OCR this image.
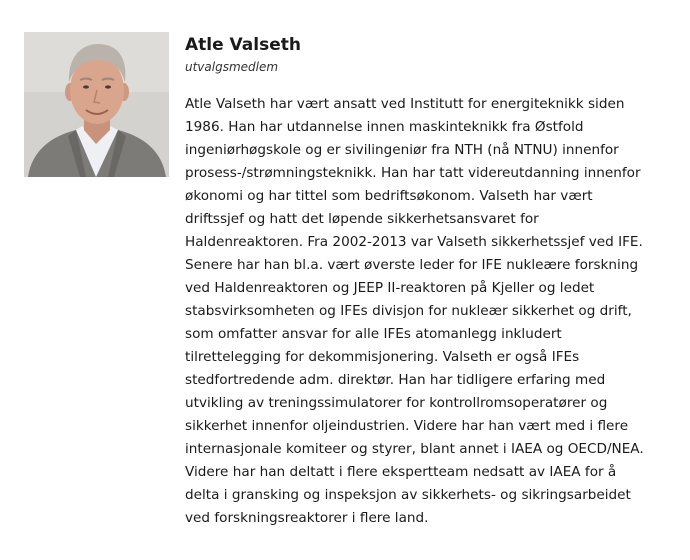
Atle Valseth

utvalgsmedlem

Atle Valseth har vært ansatt ved Institutt for energiteknikk siden
1986. Han har utdannelse innen maskinteknikk fra Østfold
ingeniørhøgskole og er sivilingeniør fra NTH (nå NTNU) innenfor
prosess-/strømningsteknikk. Han har tatt videreutdanning innenfor
økonomi og har tittel som bedriftsøkonom. Valseth har vært
driftssjef og hatt det løpende sikkerhetsansvaret for
Haldenreaktoren. Fra 2002-2013 var Valseth sikkerhetssjef ved IFE.
Senere har han bl.a. vært øverste leder for IFE nukleære forskning
ved Haldenreaktoren og JEEP II-reaktoren på Kjeller og ledet
stabsvirksomheten og IFEs divisjon for nukleær sikkerhet og drift,
som omfatter ansvar for alle IFEs atomanlegg inkludert
tilrettelegging for dekommisjonering. Valseth er også IFEs
stedfortredende adm. direktør. Han har tidligere erfaring med
utvikling av treningssimulatorer for kontrollromsoperatører og
sikkerhet innenfor oljeindustrien. Videre har han vært med i flere
internasjonale komiteer og styrer, blant annet i IAEA og OECD/NEA.
Videre har han deltatt i flere ekspertteam nedsatt av IAEA for å
delta i gransking og inspeksjon av sikkerhets- og sikringsarbeidet
ved forskningsreaktorer i flere land.
